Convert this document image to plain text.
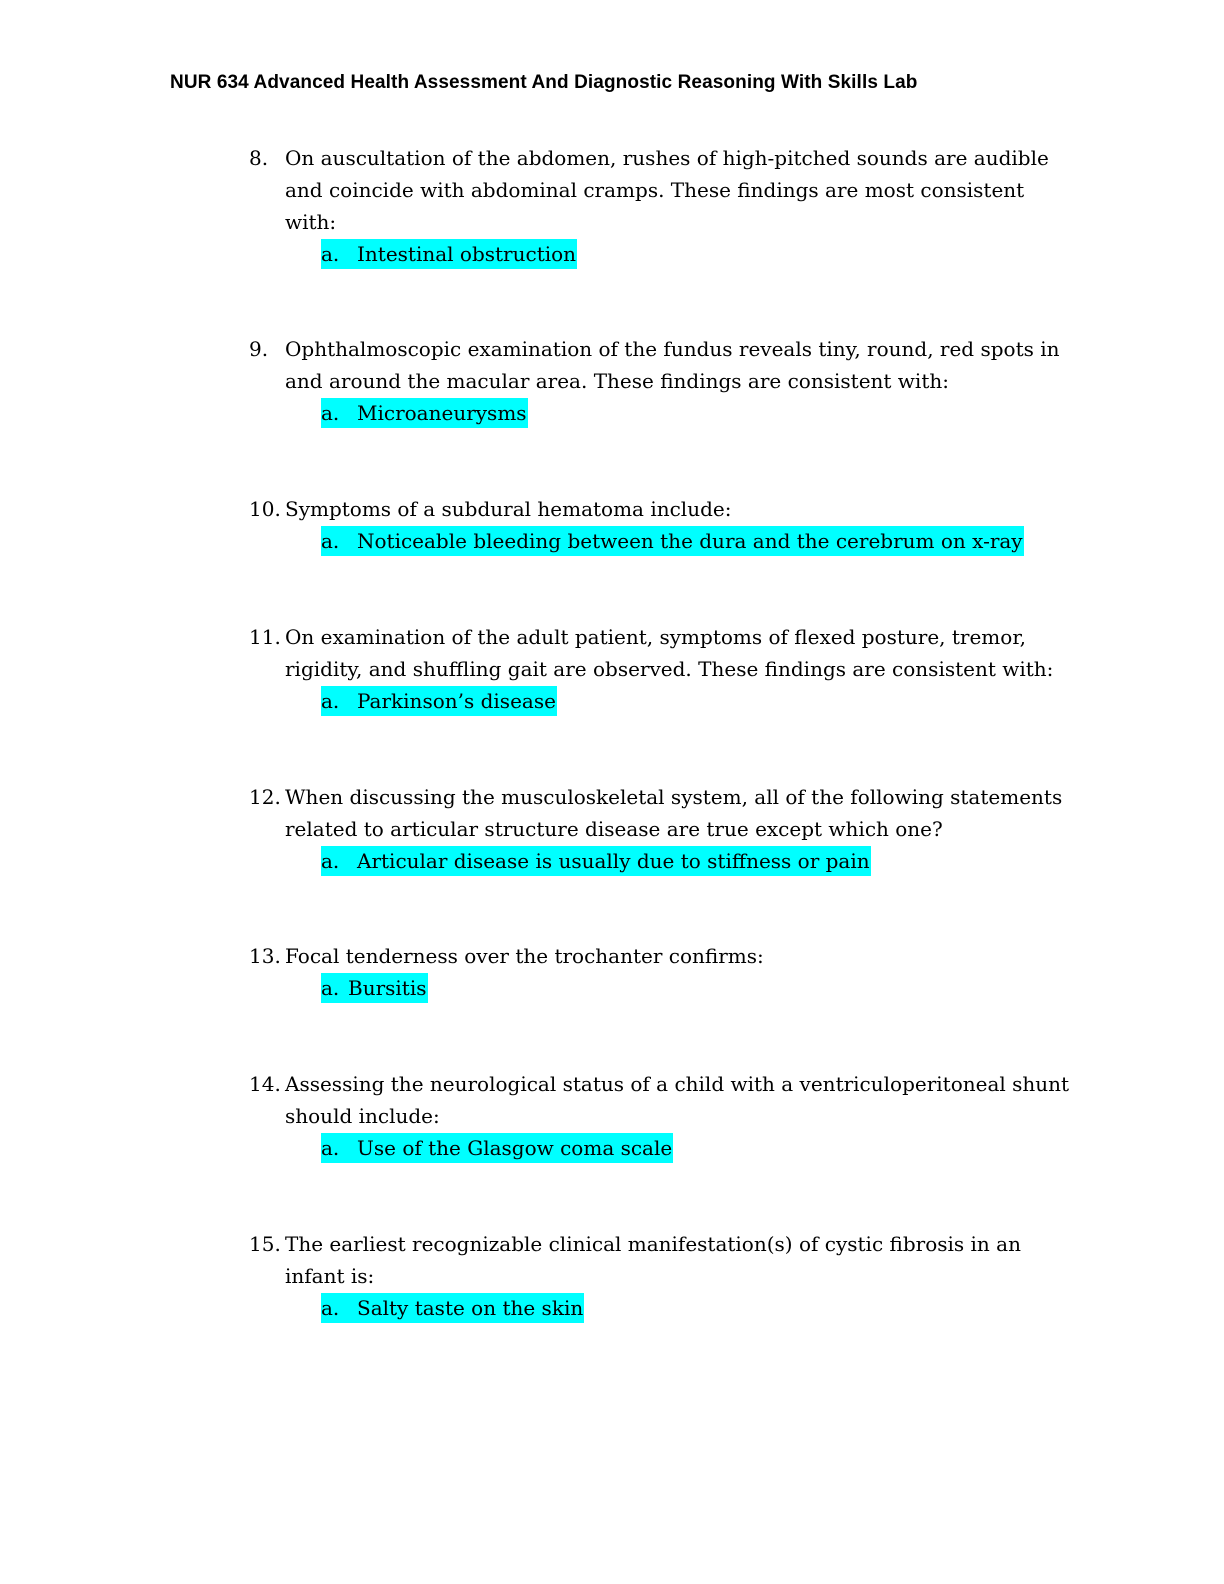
NUR 634 Advanced Health Assessment And Diagnostic Reasoning With Skills Lab
8. On auscultation of the abdomen, rushes of high-pitched sounds are audible
and coincide with abdominal cramps. These findings are most consistent
with:
a. Intestinal obstruction
9. Ophthalmoscopic examination of the fundus reveals tiny, round, red spots in
and around the macular area. These findings are consistent with:
a. Microaneurysms
10. Symptoms of a subdural hematoma include:
a. Noticeable bleeding between the dura and the cerebrum on x-ray
11. On examination of the adult patient, symptoms of flexed posture, tremor,
rigidity, and shuffling gait are observed. These findings are consistent with:
a. Parkinson’s disease
12. When discussing the musculoskeletal system, all of the following statements
related to articular structure disease are true except which one?
a. Articular disease is usually due to stiffness or pain
13. Focal tenderness over the trochanter confirms:
a. Bursitis
14. Assessing the neurological status of a child with a ventriculoperitoneal shunt
should include:
a. Use of the Glasgow coma scale
15. The earliest recognizable clinical manifestation(s) of cystic fibrosis in an
infant is:
a. Salty taste on the skin
